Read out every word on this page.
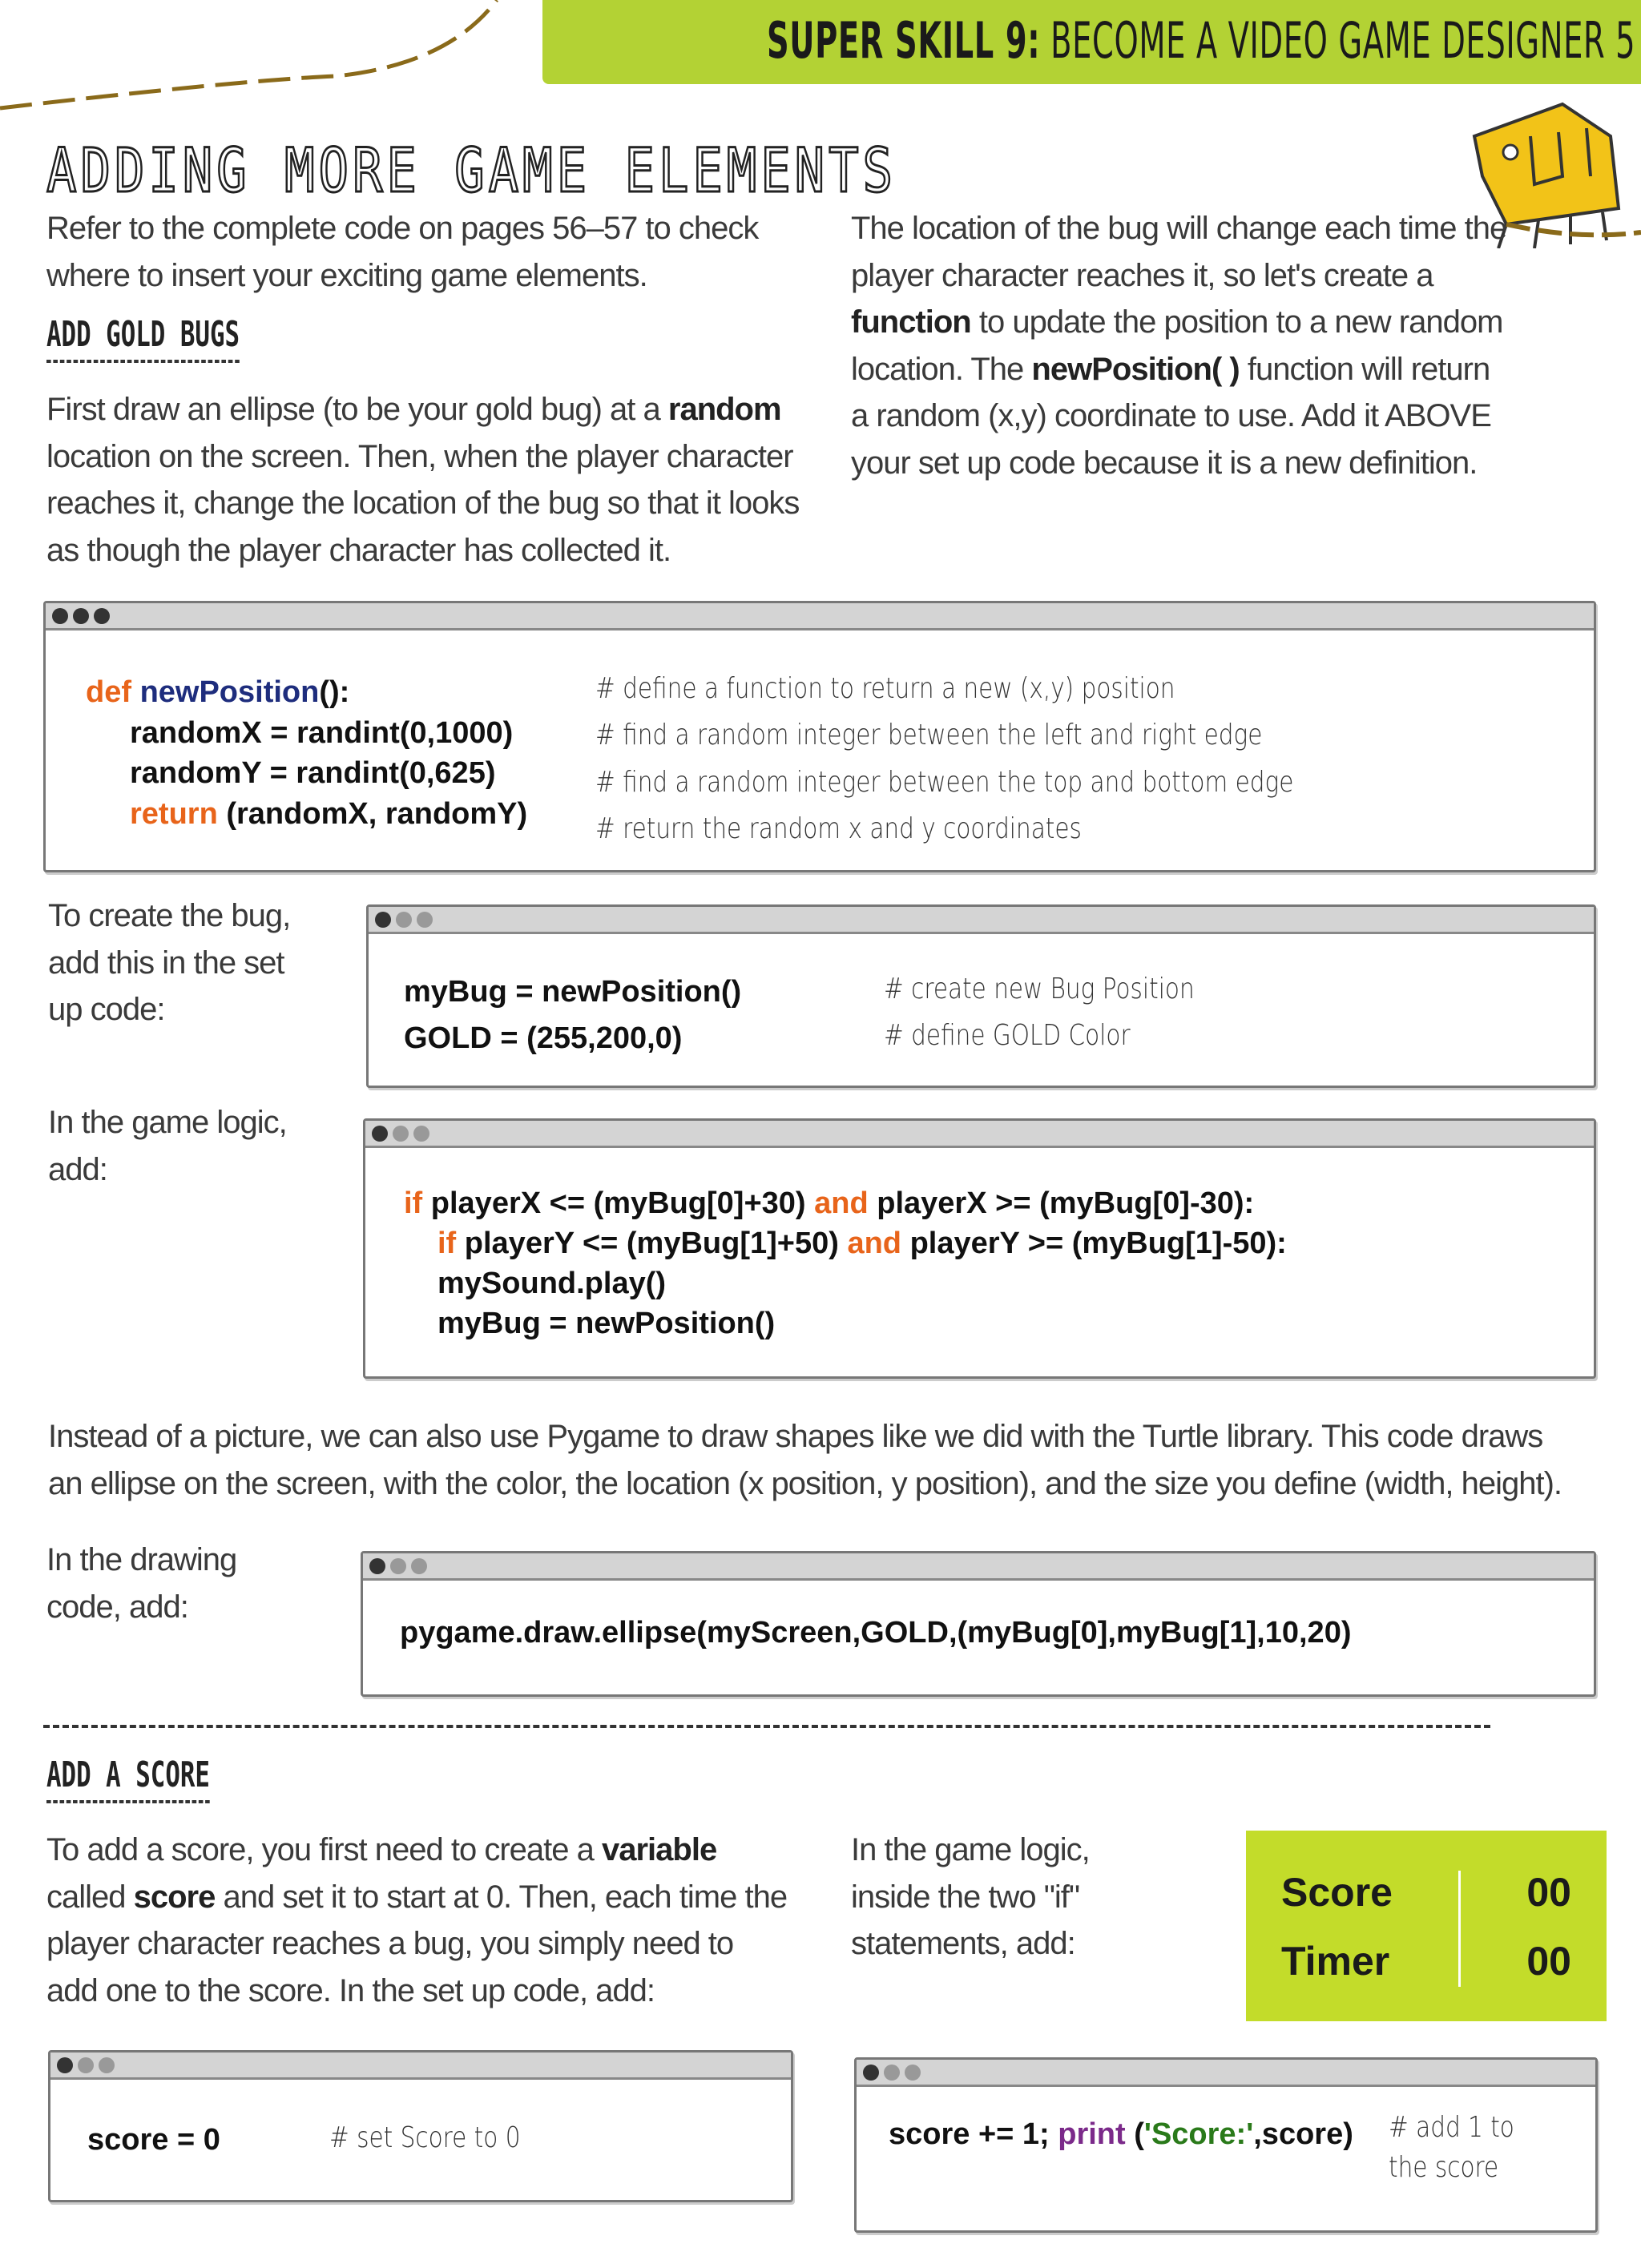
SUPER SKILL 9: BECOME A VIDEO GAME DESIGNER 5
ADDING MORE GAME ELEMENTS
Refer to the complete code on pages 56–57 to check where to insert your exciting game elements.
ADD GOLD BUGS
First draw an ellipse (to be your gold bug) at a random location on the screen. Then, when the player character reaches it, change the location of the bug so that it looks as though the player character has collected it.
The location of the bug will change each time the player character reaches it, so let's create a function to update the position to a new random location. The newPosition( ) function will return a random (x,y) coordinate to use. Add it ABOVE your set up code because it is a new definition.
def newPosition():
randomX = randint(0,1000)
randomY = randint(0,625)
return (randomX, randomY)
# define a function to return a new (x,y) position
# find a random integer between the left and right edge
# find a random integer between the top and bottom edge
# return the random x and y coordinates
To create the bug, add this in the set up code:	myBug = newPosition()
GOLD = (255,200,0)
# create new Bug Position
# define GOLD Color
In the game logic, add:
if playerX <= (myBug[0]+30) and playerX >= (myBug[0]-30):
if playerY <= (myBug[1]+50) and playerY >= (myBug[1]-50):
mySound.play()
myBug = newPosition()
Instead of a picture, we can also use Pygame to draw shapes like we did with the Turtle library. This code draws an ellipse on the screen, with the color, the location (x position, y position), and the size you define (width, height).
In the drawing code, add:
pygame.draw.ellipse(myScreen,GOLD,(myBug[0],myBug[1],10,20)
ADD A SCORE
To add a score, you first need to create a variable called score and set it to start at 0. Then, each time the player character reaches a bug, you simply need to add one to the score. In the set up code, add:
In the game logic, inside the two "if" statements, add:
Score	00
Timer	00
score = 0	# set Score to 0	score += 1; print ('Score:',score) # add 1 to
the score
